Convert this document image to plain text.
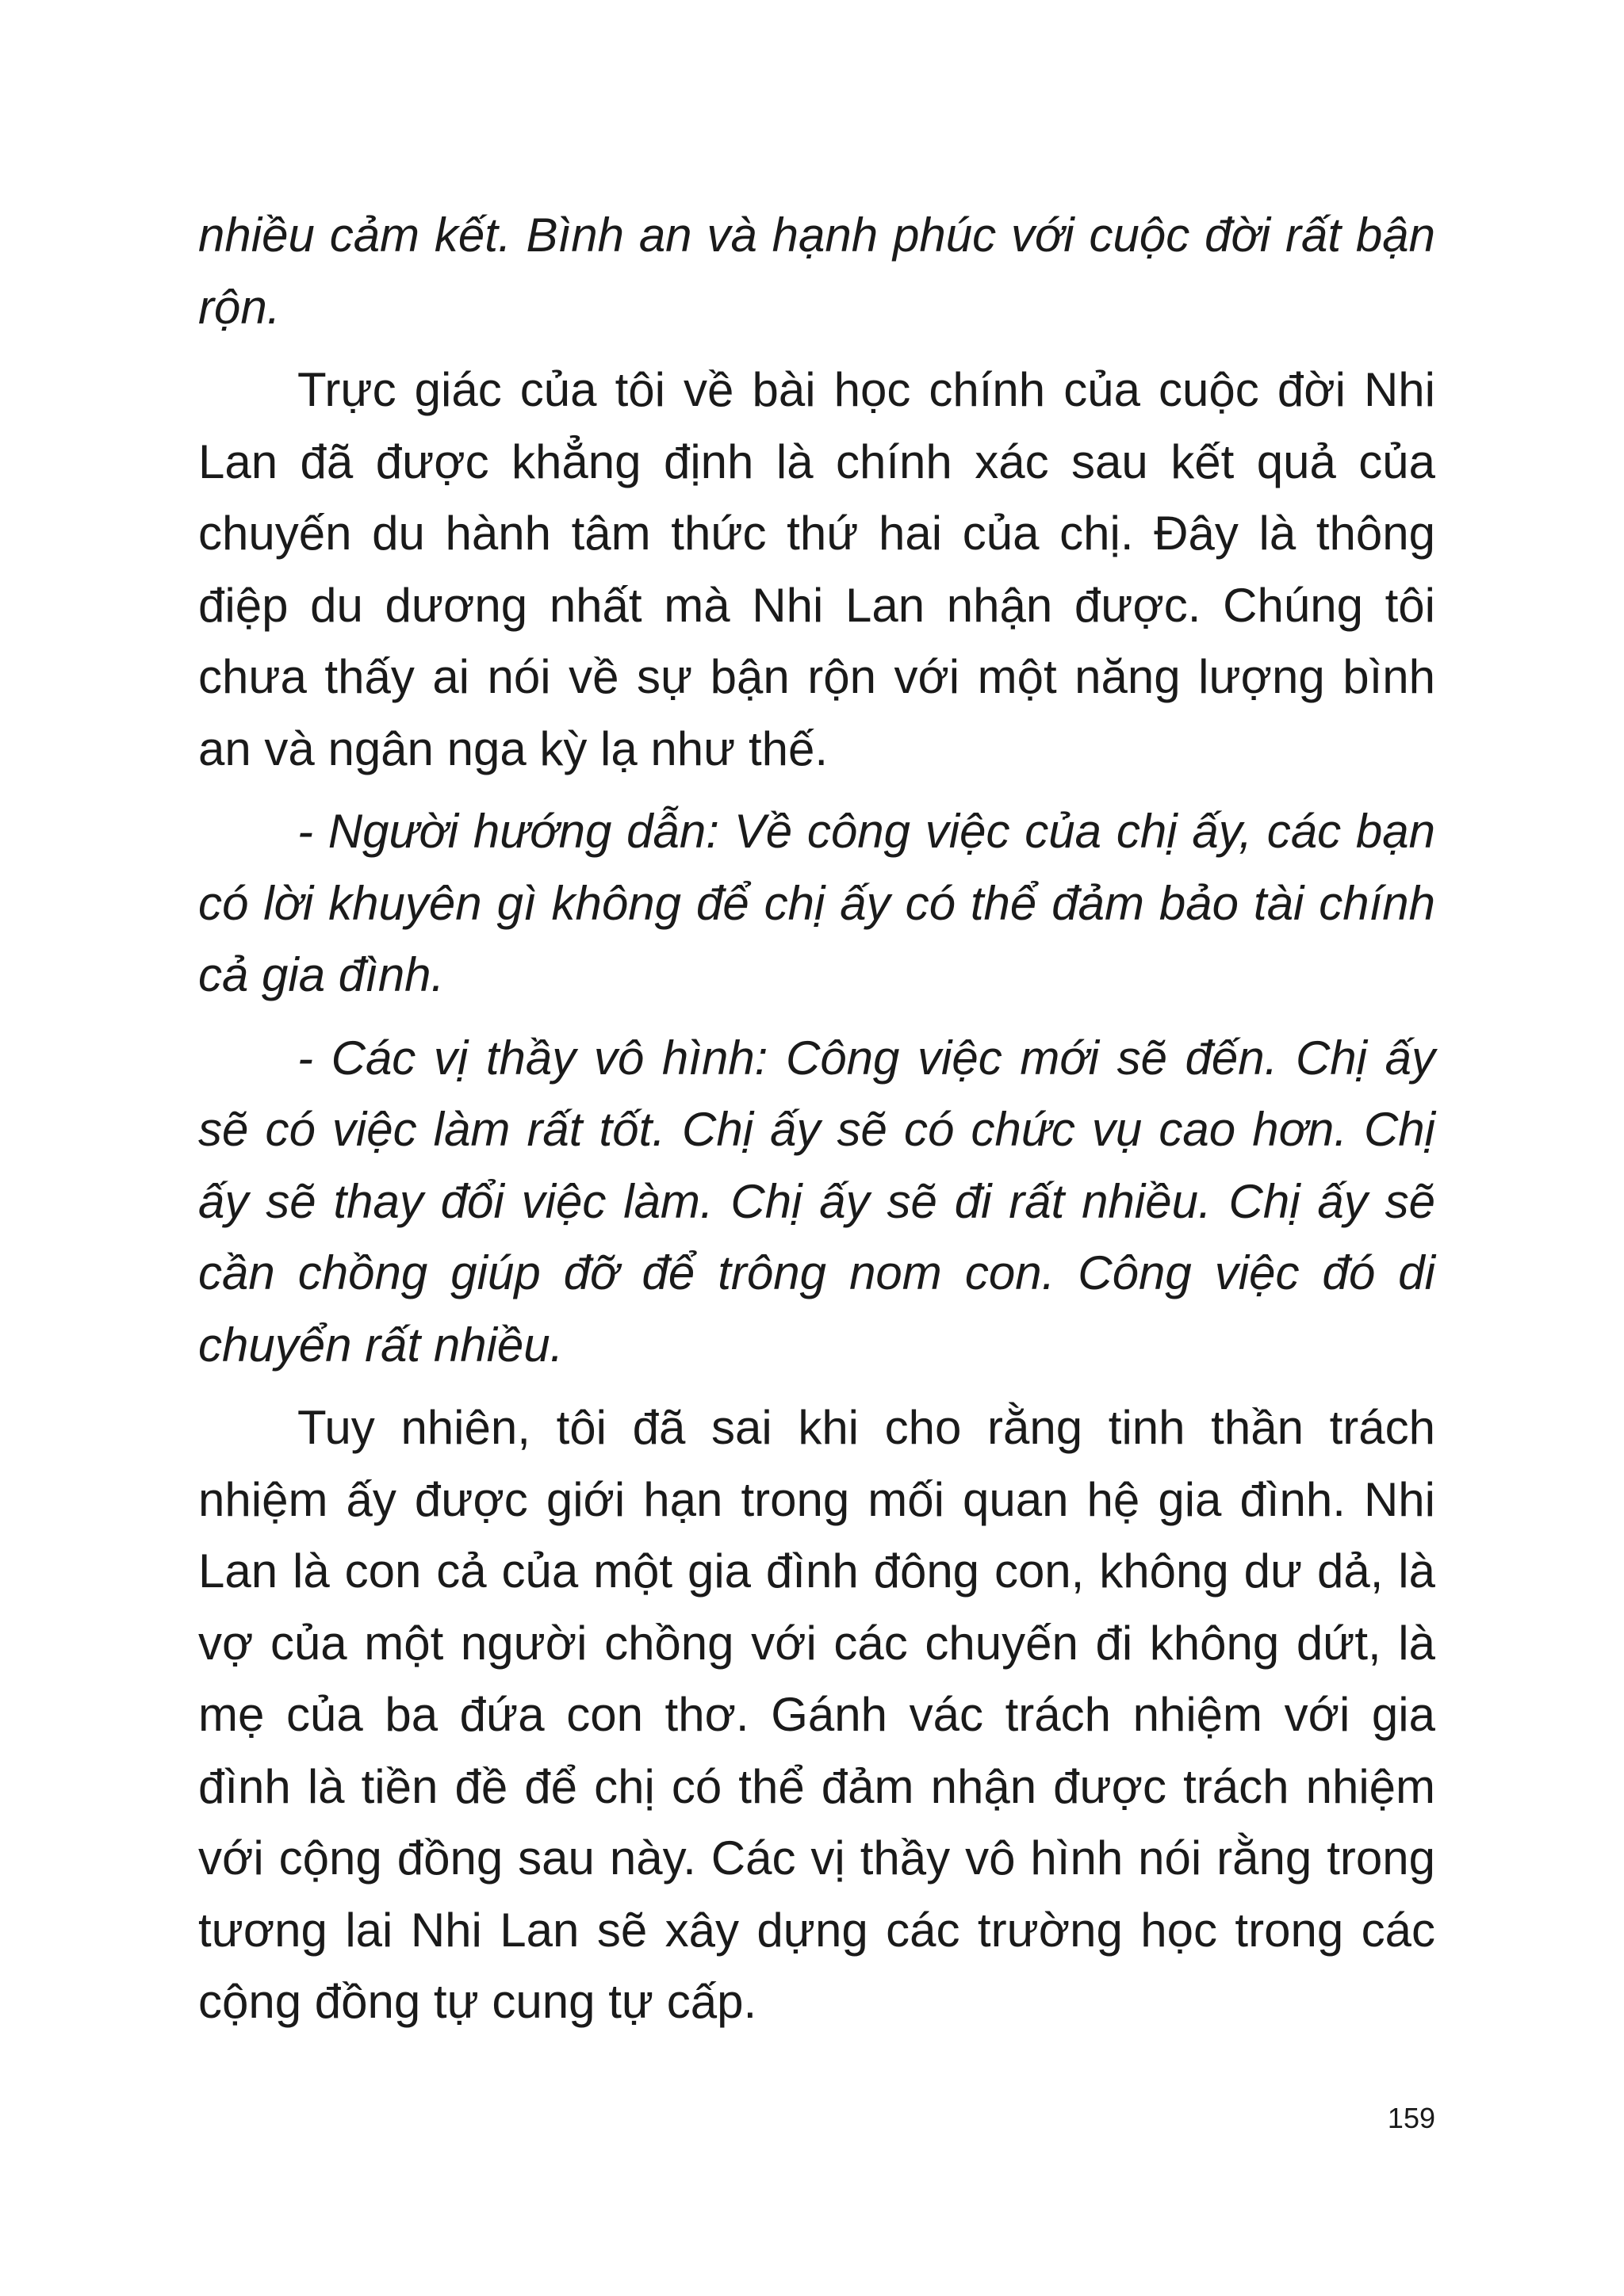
nhiều cảm kết. Bình an và hạnh phúc với cuộc đời rất bận rộn.

Trực giác của tôi về bài học chính của cuộc đời Nhi Lan đã được khẳng định là chính xác sau kết quả của chuyến du hành tâm thức thứ hai của chị. Đây là thông điệp du dương nhất mà Nhi Lan nhận được. Chúng tôi chưa thấy ai nói về sự bận rộn với một năng lượng bình an và ngân nga kỳ lạ như thế.

- Người hướng dẫn: Về công việc của chị ấy, các bạn có lời khuyên gì không để chị ấy có thể đảm bảo tài chính cả gia đình.

- Các vị thầy vô hình: Công việc mới sẽ đến. Chị ấy sẽ có việc làm rất tốt. Chị ấy sẽ có chức vụ cao hơn. Chị ấy sẽ thay đổi việc làm. Chị ấy sẽ đi rất nhiều. Chị ấy sẽ cần chồng giúp đỡ để trông nom con. Công việc đó di chuyển rất nhiều.

Tuy nhiên, tôi đã sai khi cho rằng tinh thần trách nhiệm ấy được giới hạn trong mối quan hệ gia đình. Nhi Lan là con cả của một gia đình đông con, không dư dả, là vợ của một người chồng với các chuyến đi không dứt, là mẹ của ba đứa con thơ. Gánh vác trách nhiệm với gia đình là tiền đề để chị có thể đảm nhận được trách nhiệm với cộng đồng sau này. Các vị thầy vô hình nói rằng trong tương lai Nhi Lan sẽ xây dựng các trường học trong các cộng đồng tự cung tự cấp.

159
